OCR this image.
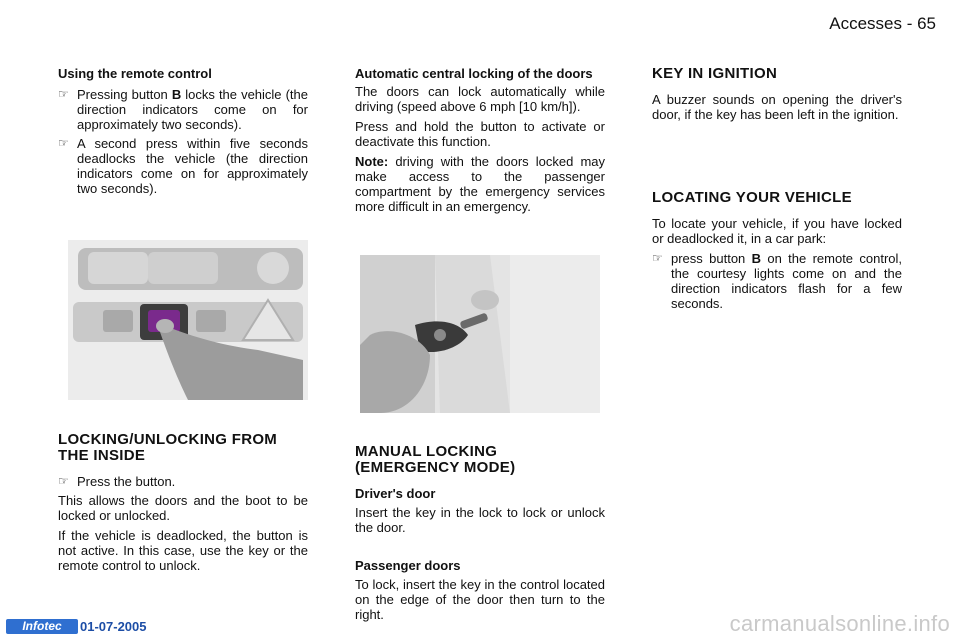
Accesses - 65
Using the remote control
☞ Pressing button B locks the vehicle (the direction indicators come on for approximately two seconds).
☞ A second press within five seconds deadlocks the vehicle (the direction indicators come on for approximately two seconds).
LOCKING/UNLOCKING FROM THE INSIDE
☞ Press the button.

This allows the doors and the boot to be locked or unlocked.

If the vehicle is deadlocked, the button is not active. In this case, use the key or the remote control to unlock.

Automatic central locking of the doors

The doors can lock automatically while driving (speed above 6 mph [10 km/h]).

Press and hold the button to activate or deactivate this function.

Note: driving with the doors locked may make access to the passenger compartment by the emergency services more difficult in an emergency.

MANUAL LOCKING (EMERGENCY MODE)
Driver's door

Insert the key in the lock to lock or unlock the door.

Passenger doors

To lock, insert the key in the control located on the edge of the door then turn to the right.

KEY IN IGNITION

A buzzer sounds on opening the driver's door, if the key has been left in the ignition.

LOCATING YOUR VEHICLE

To locate your vehicle, if you have locked or deadlocked it, in a car park:

☞ press button B on the remote control, the courtesy lights come on and the direction indicators flash for a few seconds.
Infotec	01-07-2005	carmanualsonline.info
